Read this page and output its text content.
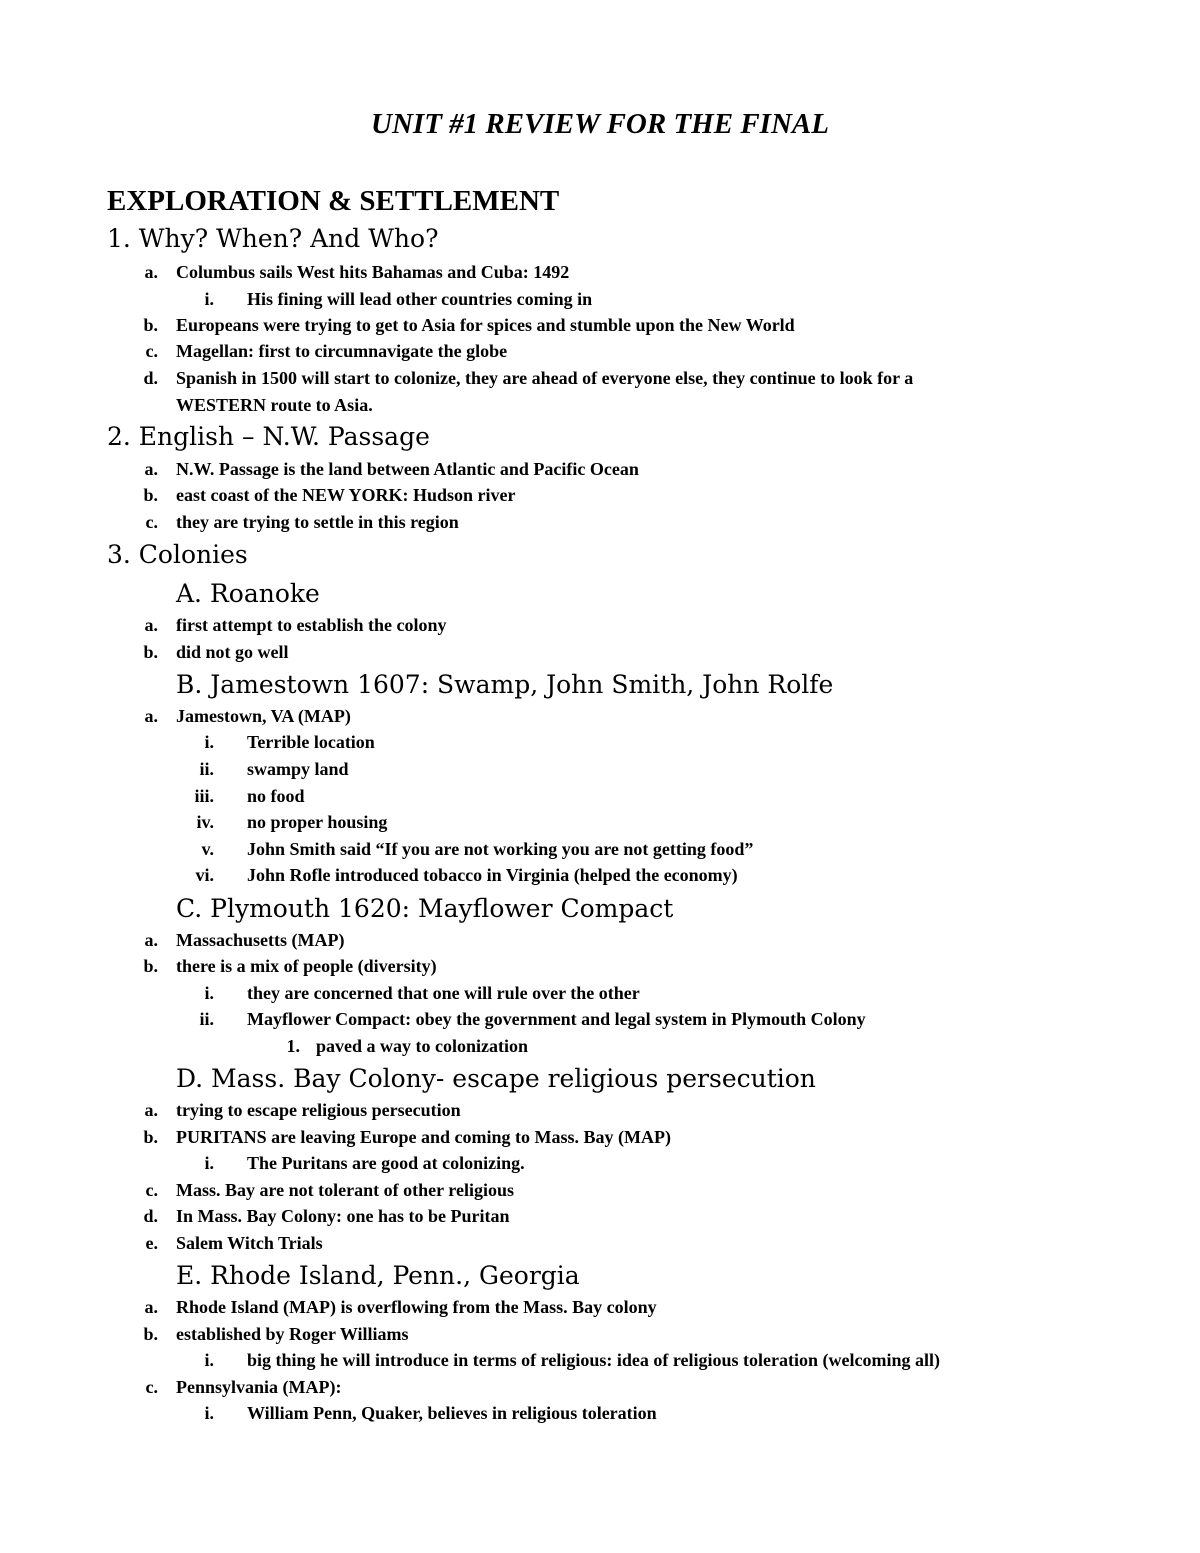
UNIT #1 REVIEW FOR THE FINAL
EXPLORATION & SETTLEMENT
1. Why? When? And Who?
a. Columbus sails West hits Bahamas and Cuba: 1492
i. His fining will lead other countries coming in
b. Europeans were trying to get to Asia for spices and stumble upon the New World
c. Magellan: first to circumnavigate the globe
d. Spanish in 1500 will start to colonize, they are ahead of everyone else, they continue to look for a
WESTERN route to Asia.
2. English – N.W. Passage
a. N.W. Passage is the land between Atlantic and Pacific Ocean
b. east coast of the NEW YORK: Hudson river
c. they are trying to settle in this region
3. Colonies
A. Roanoke
a. first attempt to establish the colony
b. did not go well
B. Jamestown 1607: Swamp, John Smith, John Rolfe
a. Jamestown, VA (MAP)
i. Terrible location
ii. swampy land
iii. no food
iv. no proper housing
v. John Smith said “If you are not working you are not getting food”
vi. John Rofle introduced tobacco in Virginia (helped the economy)
C. Plymouth 1620: Mayflower Compact
a. Massachusetts (MAP)
b. there is a mix of people (diversity)
i. they are concerned that one will rule over the other
ii. Mayflower Compact: obey the government and legal system in Plymouth Colony
1. paved a way to colonization
D. Mass. Bay Colony- escape religious persecution
a. trying to escape religious persecution
b. PURITANS are leaving Europe and coming to Mass. Bay (MAP)
i. The Puritans are good at colonizing.
c. Mass. Bay are not tolerant of other religious
d. In Mass. Bay Colony: one has to be Puritan
e. Salem Witch Trials
E. Rhode Island, Penn., Georgia
a. Rhode Island (MAP) is overflowing from the Mass. Bay colony
b. established by Roger Williams
i. big thing he will introduce in terms of religious: idea of religious toleration (welcoming all)
c. Pennsylvania (MAP):
i. William Penn, Quaker, believes in religious toleration
